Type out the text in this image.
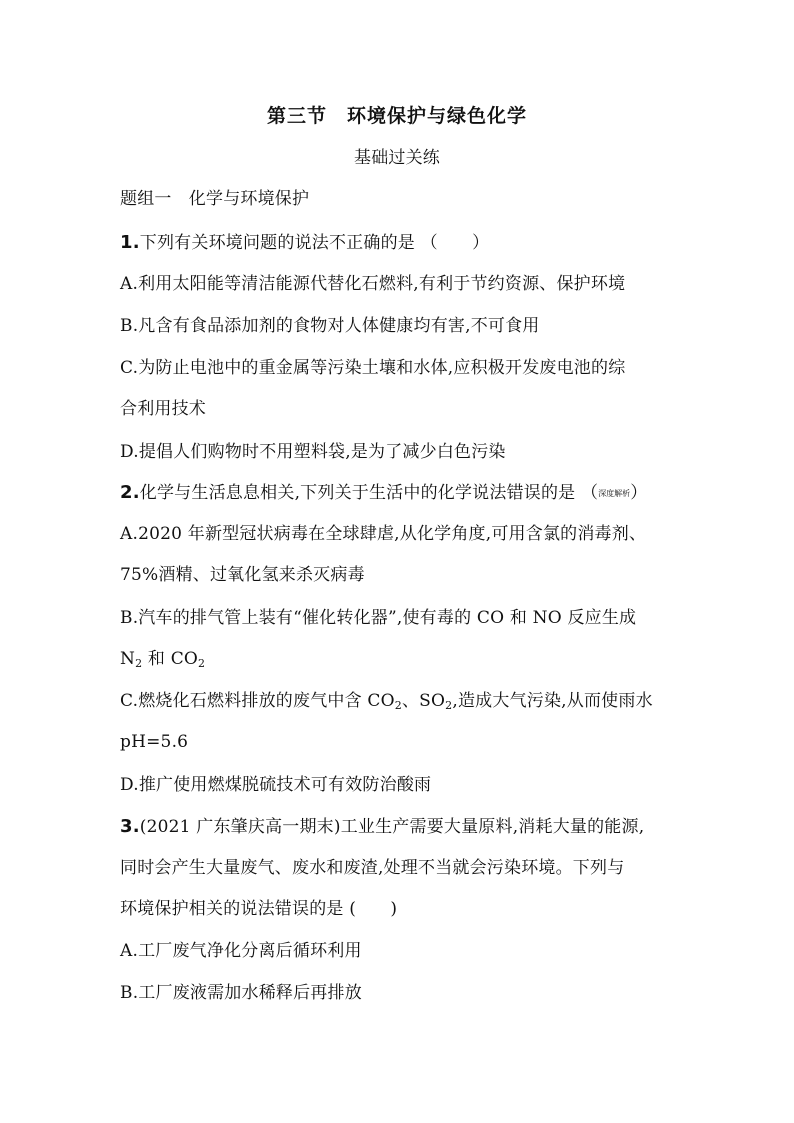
第三节　环境保护与绿色化学
基础过关练
题组一　化学与环境保护
1.下列有关环境问题的说法不正确的是 （　　）
A.利用太阳能等清洁能源代替化石燃料,有利于节约资源、保护环境
B.凡含有食品添加剂的食物对人体健康均有害,不可食用
C.为防止电池中的重金属等污染土壤和水体,应积极开发废电池的综
合利用技术
D.提倡人们购物时不用塑料袋,是为了减少白色污染
2.化学与生活息息相关,下列关于生活中的化学说法错误的是 （深度解析）
A.2020 年新型冠状病毒在全球肆虐,从化学角度,可用含氯的消毒剂、
75%酒精、过氧化氢来杀灭病毒
B.汽车的排气管上装有“催化转化器”,使有毒的 CO 和 NO 反应生成
$N_2$ 和 $CO_2$
C.燃烧化石燃料排放的废气中含 $CO_2$、$SO_2$,造成大气污染,从而使雨水
pH=5.6
D.推广使用燃煤脱硫技术可有效防治酸雨
3.(2021 广东肇庆高一期末)工业生产需要大量原料,消耗大量的能源,
同时会产生大量废气、废水和废渣,处理不当就会污染环境。下列与
环境保护相关的说法错误的是 (　　)
A.工厂废气净化分离后循环利用
B.工厂废液需加水稀释后再排放
